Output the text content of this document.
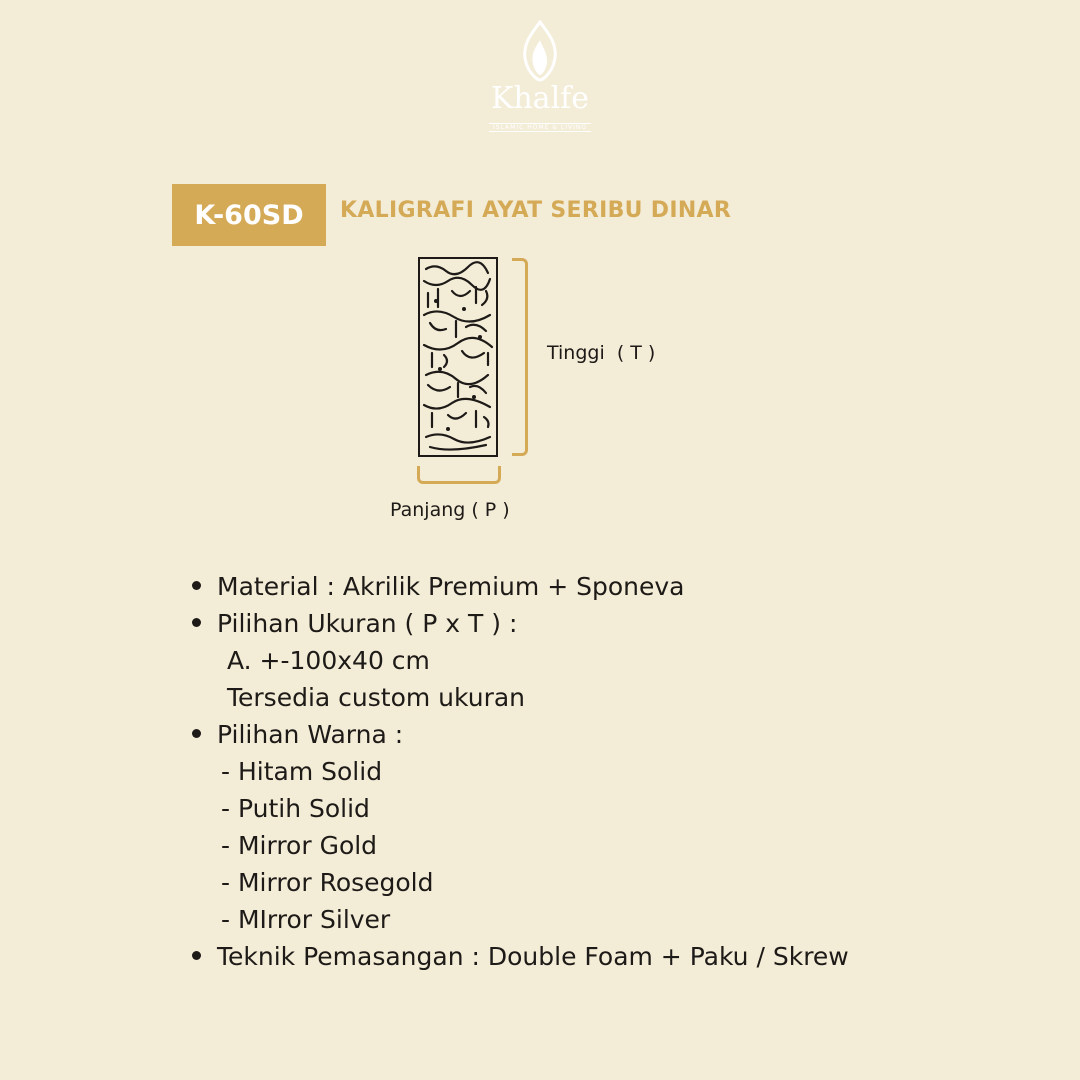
Khalfe
ISLAMIC HOME & LIVING
K-60SD	KALIGRAFI AYAT SERIBU DINAR
Tinggi  ( T )
Panjang ( P )
Material : Akrilik Premium + Sponeva
Pilihan Ukuran ( P x T ) :
A. +-100x40 cm
Tersedia custom ukuran
Pilihan Warna :
- Hitam Solid
- Putih Solid
- Mirror Gold
- Mirror Rosegold
- MIrror Silver
Teknik Pemasangan : Double Foam + Paku / Skrew
